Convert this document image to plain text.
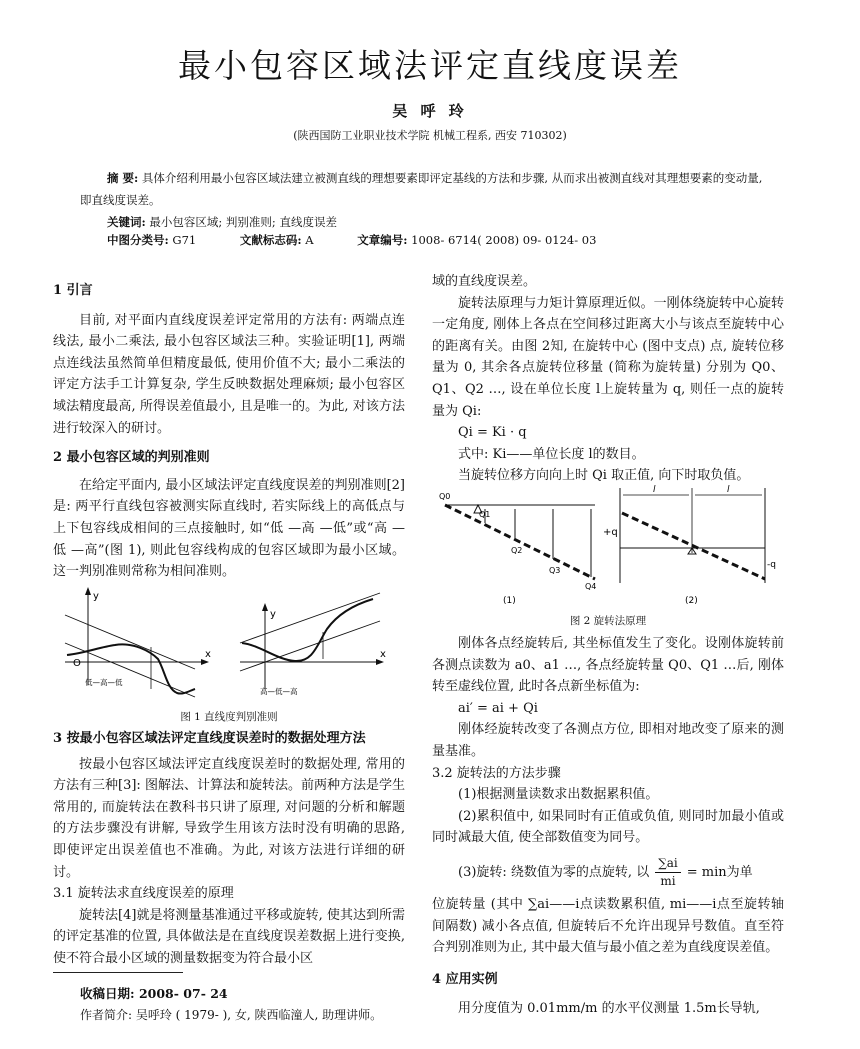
最小包容区域法评定直线度误差
吴 呼 玲
(陕西国防工业职业技术学院 机械工程系, 西安 710302)
摘 要: 具体介绍利用最小包容区域法建立被测直线的理想要素即评定基线的方法和步骤, 从而求出被测直线对其理想要素的变动量, 即直线度误差。
关键词: 最小包容区域; 判别准则; 直线度误差
中图分类号: G71	文献标志码: A	文章编号: 1008- 6714( 2008) 09- 0124- 03
1 引言

目前, 对平面内直线度误差评定常用的方法有: 两端点连线法, 最小二乘法, 最小包容区域法三种。实验证明[1], 两端点连线法虽然简单但精度最低, 使用价值不大; 最小二乘法的评定方法手工计算复杂, 学生反映数据处理麻烦; 最小包容区域法精度最高, 所得误差值最小, 且是唯一的。为此, 对该方法进行较深入的研讨。

2 最小包容区域的判别准则

在给定平面内, 最小区域法评定直线度误差的判别准则[2]是: 两平行直线包容被测实际直线时, 若实际线上的高低点与上下包容线成相间的三点接触时, 如“低 —高 —低”或“高 —低 —高”(图 1), 则此包容线构成的包容区域即为最小区域。这一判别准则常称为相间准则。

y
x
O
低—高—低
y
x
高—低—高
图 1 直线度判别准则
3 按最小包容区域法评定直线度误差时的数据处理方法

按最小包容区域法评定直线度误差时的数据处理, 常用的方法有三种[3]: 图解法、计算法和旋转法。前两种方法是学生常用的, 而旋转法在教科书只讲了原理, 对问题的分析和解题的方法步骤没有讲解, 导致学生用该方法时没有明确的思路, 即使评定出误差值也不准确。为此, 对该方法进行详细的研讨。

3.1 旋转法求直线度误差的原理

旋转法[4]就是将测量基准通过平移或旋转, 使其达到所需的评定基准的位置, 具体做法是在直线度误差数据上进行变换, 使不符合最小区域的测量数据变为符合最小区

收稿日期: 2008- 07- 24
作者简介: 吴呼玲 ( 1979- ), 女, 陕西临潼人, 助理讲师。
域的直线度误差。

旋转法原理与力矩计算原理近似。一刚体绕旋转中心旋转一定角度, 刚体上各点在空间移过距离大小与该点至旋转中心的距离有关。由图 2知, 在旋转中心 (图中支点) 点, 旋转位移量为 0, 其余各点旋转位移量 (简称为旋转量) 分别为 Q0、Q1、Q2 …, 设在单位长度 l上旋转量为 q, 则任一点的旋转量为 Qi:

Qi = Ki · q
式中: Ki——单位长度 l的数目。

当旋转位移方向向上时 Qi 取正值, 向下时取负值。

Q0
Q1
Q2
Q3
Q4
(1)
l	l
+q
-q
(2)
图 2 旋转法原理

刚体各点经旋转后, 其坐标值发生了变化。设刚体旋转前各测点读数为 a0、a1 …, 各点经旋转量 Q0、Q1 …后, 刚体转至虚线位置, 此时各点新坐标值为:

ai′ = ai + Qi

刚体经旋转改变了各测点方位, 即相对地改变了原来的测量基准。

3.2 旋转法的方法步骤

(1)根据测量读数求出数据累积值。

(2)累积值中, 如果同时有正值或负值, 则同时加最小值或同时减最大值, 使全部数值变为同号。

(3)旋转: 绕数值为零的点旋转, 以 $\frac{\sum ai}{mi} = \min$为单
位旋转量 (其中 ∑ai——i点读数累积值, mi——i点至旋转轴间隔数) 减小各点值, 但旋转后不允许出现异号数值。直至符合判别准则为止, 其中最大值与最小值之差为直线度误差值。
4 应用实例

用分度值为 0.01mm/m 的水平仪测量 1.5m长导轨,
